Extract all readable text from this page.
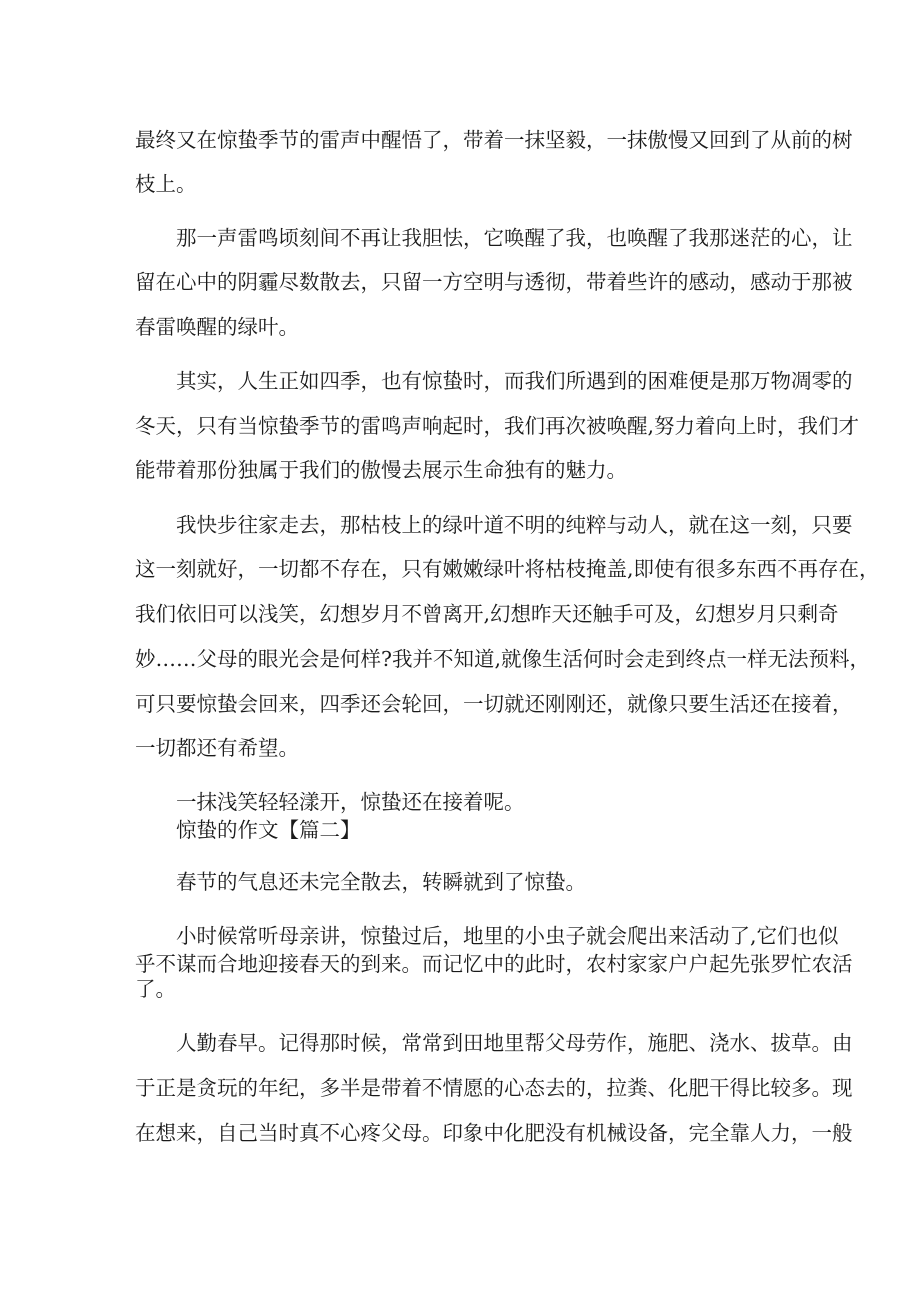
最终又在惊蛰季节的雷声中醒悟了，带着一抹坚毅，一抹傲慢又回到了从前的树
枝上。
那一声雷鸣顷刻间不再让我胆怯，它唤醒了我，也唤醒了我那迷茫的心，让
留在心中的阴霾尽数散去，只留一方空明与透彻，带着些许的感动，感动于那被
春雷唤醒的绿叶。
其实，人生正如四季，也有惊蛰时，而我们所遇到的困难便是那万物凋零的
冬天，只有当惊蛰季节的雷鸣声响起时，我们再次被唤醒,努力着向上时，我们才
能带着那份独属于我们的傲慢去展示生命独有的魅力。
我快步往家走去，那枯枝上的绿叶道不明的纯粹与动人，就在这一刻，只要
这一刻就好，一切都不存在，只有嫩嫩绿叶将枯枝掩盖,即使有很多东西不再存在，
我们依旧可以浅笑，幻想岁月不曾离开,幻想昨天还触手可及，幻想岁月只剩奇
妙……父母的眼光会是何样?我并不知道,就像生活何时会走到终点一样无法预料，
可只要惊蛰会回来，四季还会轮回，一切就还刚刚还，就像只要生活还在接着，
一切都还有希望。
一抹浅笑轻轻漾开，惊蛰还在接着呢。
惊蛰的作文【篇二】
春节的气息还未完全散去，转瞬就到了惊蛰。
小时候常听母亲讲，惊蛰过后，地里的小虫子就会爬出来活动了,它们也似
乎不谋而合地迎接春天的到来。而记忆中的此时，农村家家户户起先张罗忙农活
了。
人勤春早。记得那时候，常常到田地里帮父母劳作，施肥、浇水、拔草。由
于正是贪玩的年纪，多半是带着不情愿的心态去的，拉粪、化肥干得比较多。现
在想来，自己当时真不心疼父母。印象中化肥没有机械设备，完全靠人力，一般
